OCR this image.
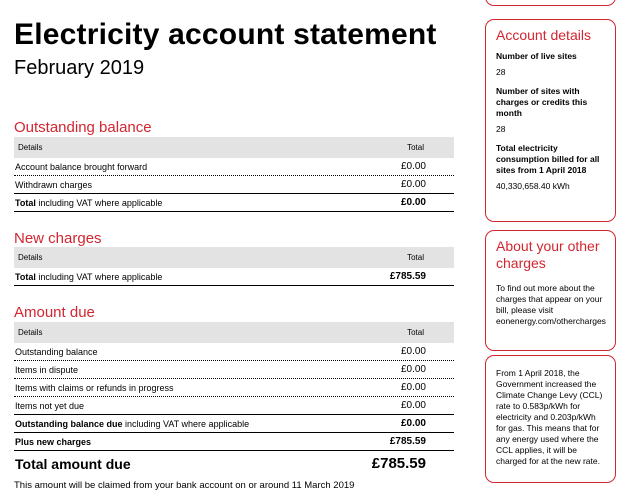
Electricity account statement
February 2019
Outstanding balance
Details	Total
Account balance brought forward	£0.00
Withdrawn charges	£0.00
Total including VAT where applicable	£0.00
New charges
Details	Total
Total including VAT where applicable	£785.59
Amount due
Details	Total
Outstanding balance	£0.00
Items in dispute	£0.00
Items with claims or refunds in progress	£0.00
Items not yet due	£0.00
Outstanding balance due including VAT where applicable	£0.00
Plus new charges	£785.59
Total amount due	£785.59
This amount will be claimed from your bank account on or around 11 March 2019
Account details
Number of live sites
28
Number of sites with charges or credits this month
28
Total electricity consumption billed for all sites from 1 April 2018
40,330,658.40 kWh
About your other charges
To find out more about the charges that appear on your bill, please visit eonenergy.com/othercharges
From 1 April 2018, the Government increased the Climate Change Levy (CCL) rate to 0.583p/kWh for electricity and 0.203p/kWh for gas. This means that for any energy used where the CCL applies, it will be charged for at the new rate.
